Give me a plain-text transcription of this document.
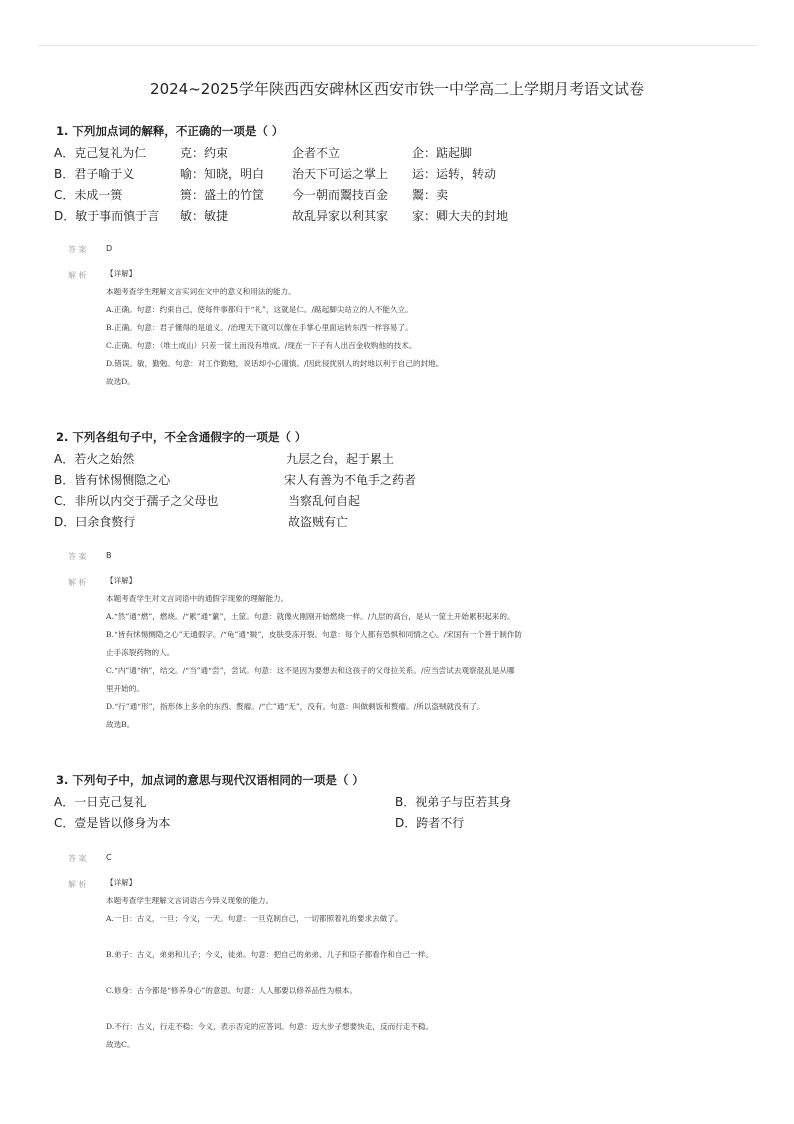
2024~2025学年陕西西安碑林区西安市铁一中学高二上学期月考语文试卷
1. 下列加点词的解释，不正确的一项是（ ）
A．克己复礼为仁	克：约束	企者不立	企：踮起脚
B．君子喻于义	喻：知晓，明白 治天下可运之掌上 运：运转，转动
C．未成一篑	篑：盛土的竹筐 今一朝而鬻技百金 鬻：卖
D．敏于事而慎于言 敏：敏捷	故乱异家以利其家 家：卿大夫的封地
答 案 D
解 析	【详解】
本题考查学生理解文言实词在文中的意义和用法的能力。
A.正确。句意：约束自己，使每件事都归于“礼”，这就是仁。/踮起脚尖站立的人不能久立。
B.正确。句意：君子懂得的是道义。/治理天下就可以像在手掌心里面运转东西一样容易了。
C.正确。句意：（堆土成山）只差一筐土而没有堆成。/现在一下子有人出百金收购他的技术。
D.错误。敏，勤勉。句意：对工作勤勉，说话却小心谨慎。/因此侵扰别人的封地以利于自己的封地。
故选D。
2. 下列各组句子中，不全含通假字的一项是（ ）
A．若火之始然	九层之台，起于累土
B．皆有怵惕恻隐之心	宋人有善为不龟手之药者
C．非所以内交于孺子之父母也	当察乱何自起
D．曰余食赘行	故盗贼有亡
答 案 B
解 析	【详解】
本题考查学生对文言词语中的通假字现象的理解能力。
A.“然”通“燃”，燃烧。/“累”通“蔂”，土筐。句意：就像火刚刚开始燃烧一样。/九层的高台，是从一筐土开始累积起来的。
B.“皆有怵惕恻隐之心”无通假字。/“龟”通“皲”，皮肤受冻开裂。句意：每个人都有恐惧和同情之心。/宋国有一个善于制作防
止手冻裂药物的人。
C.“内”通“纳”，结交。/“当”通“尝”，尝试。句意：这不是因为要想去和这孩子的父母拉关系。/应当尝试去观察混乱是从哪
里开始的。
D.“行”通“形”，指形体上多余的东西、赘瘤。/“亡”通“无”，没有。句意：叫做剩饭和赘瘤。/所以盗贼就没有了。
故选B。
3. 下列句子中，加点词的意思与现代汉语相同的一项是（ ）
A．一日克己复礼	B．视弟子与臣若其身
C．壹是皆以修身为本	D．跨者不行
答 案 C
解 析	【详解】
本题考查学生理解文言词语古今异义现象的能力。
A.一日：古义，一旦；今义，一天。句意：一旦克制自己，一切都照着礼的要求去做了。
B.弟子：古义，弟弟和儿子；今义，徒弟。句意：把自己的弟弟、儿子和臣子都看作和自己一样。
C.修身：古今都是“修养身心”的意思。句意：人人都要以修养品性为根本。
D.不行：古义，行走不稳；今义，表示否定的应答词。句意：迈大步子想要快走，反而行走不稳。
故选C。
